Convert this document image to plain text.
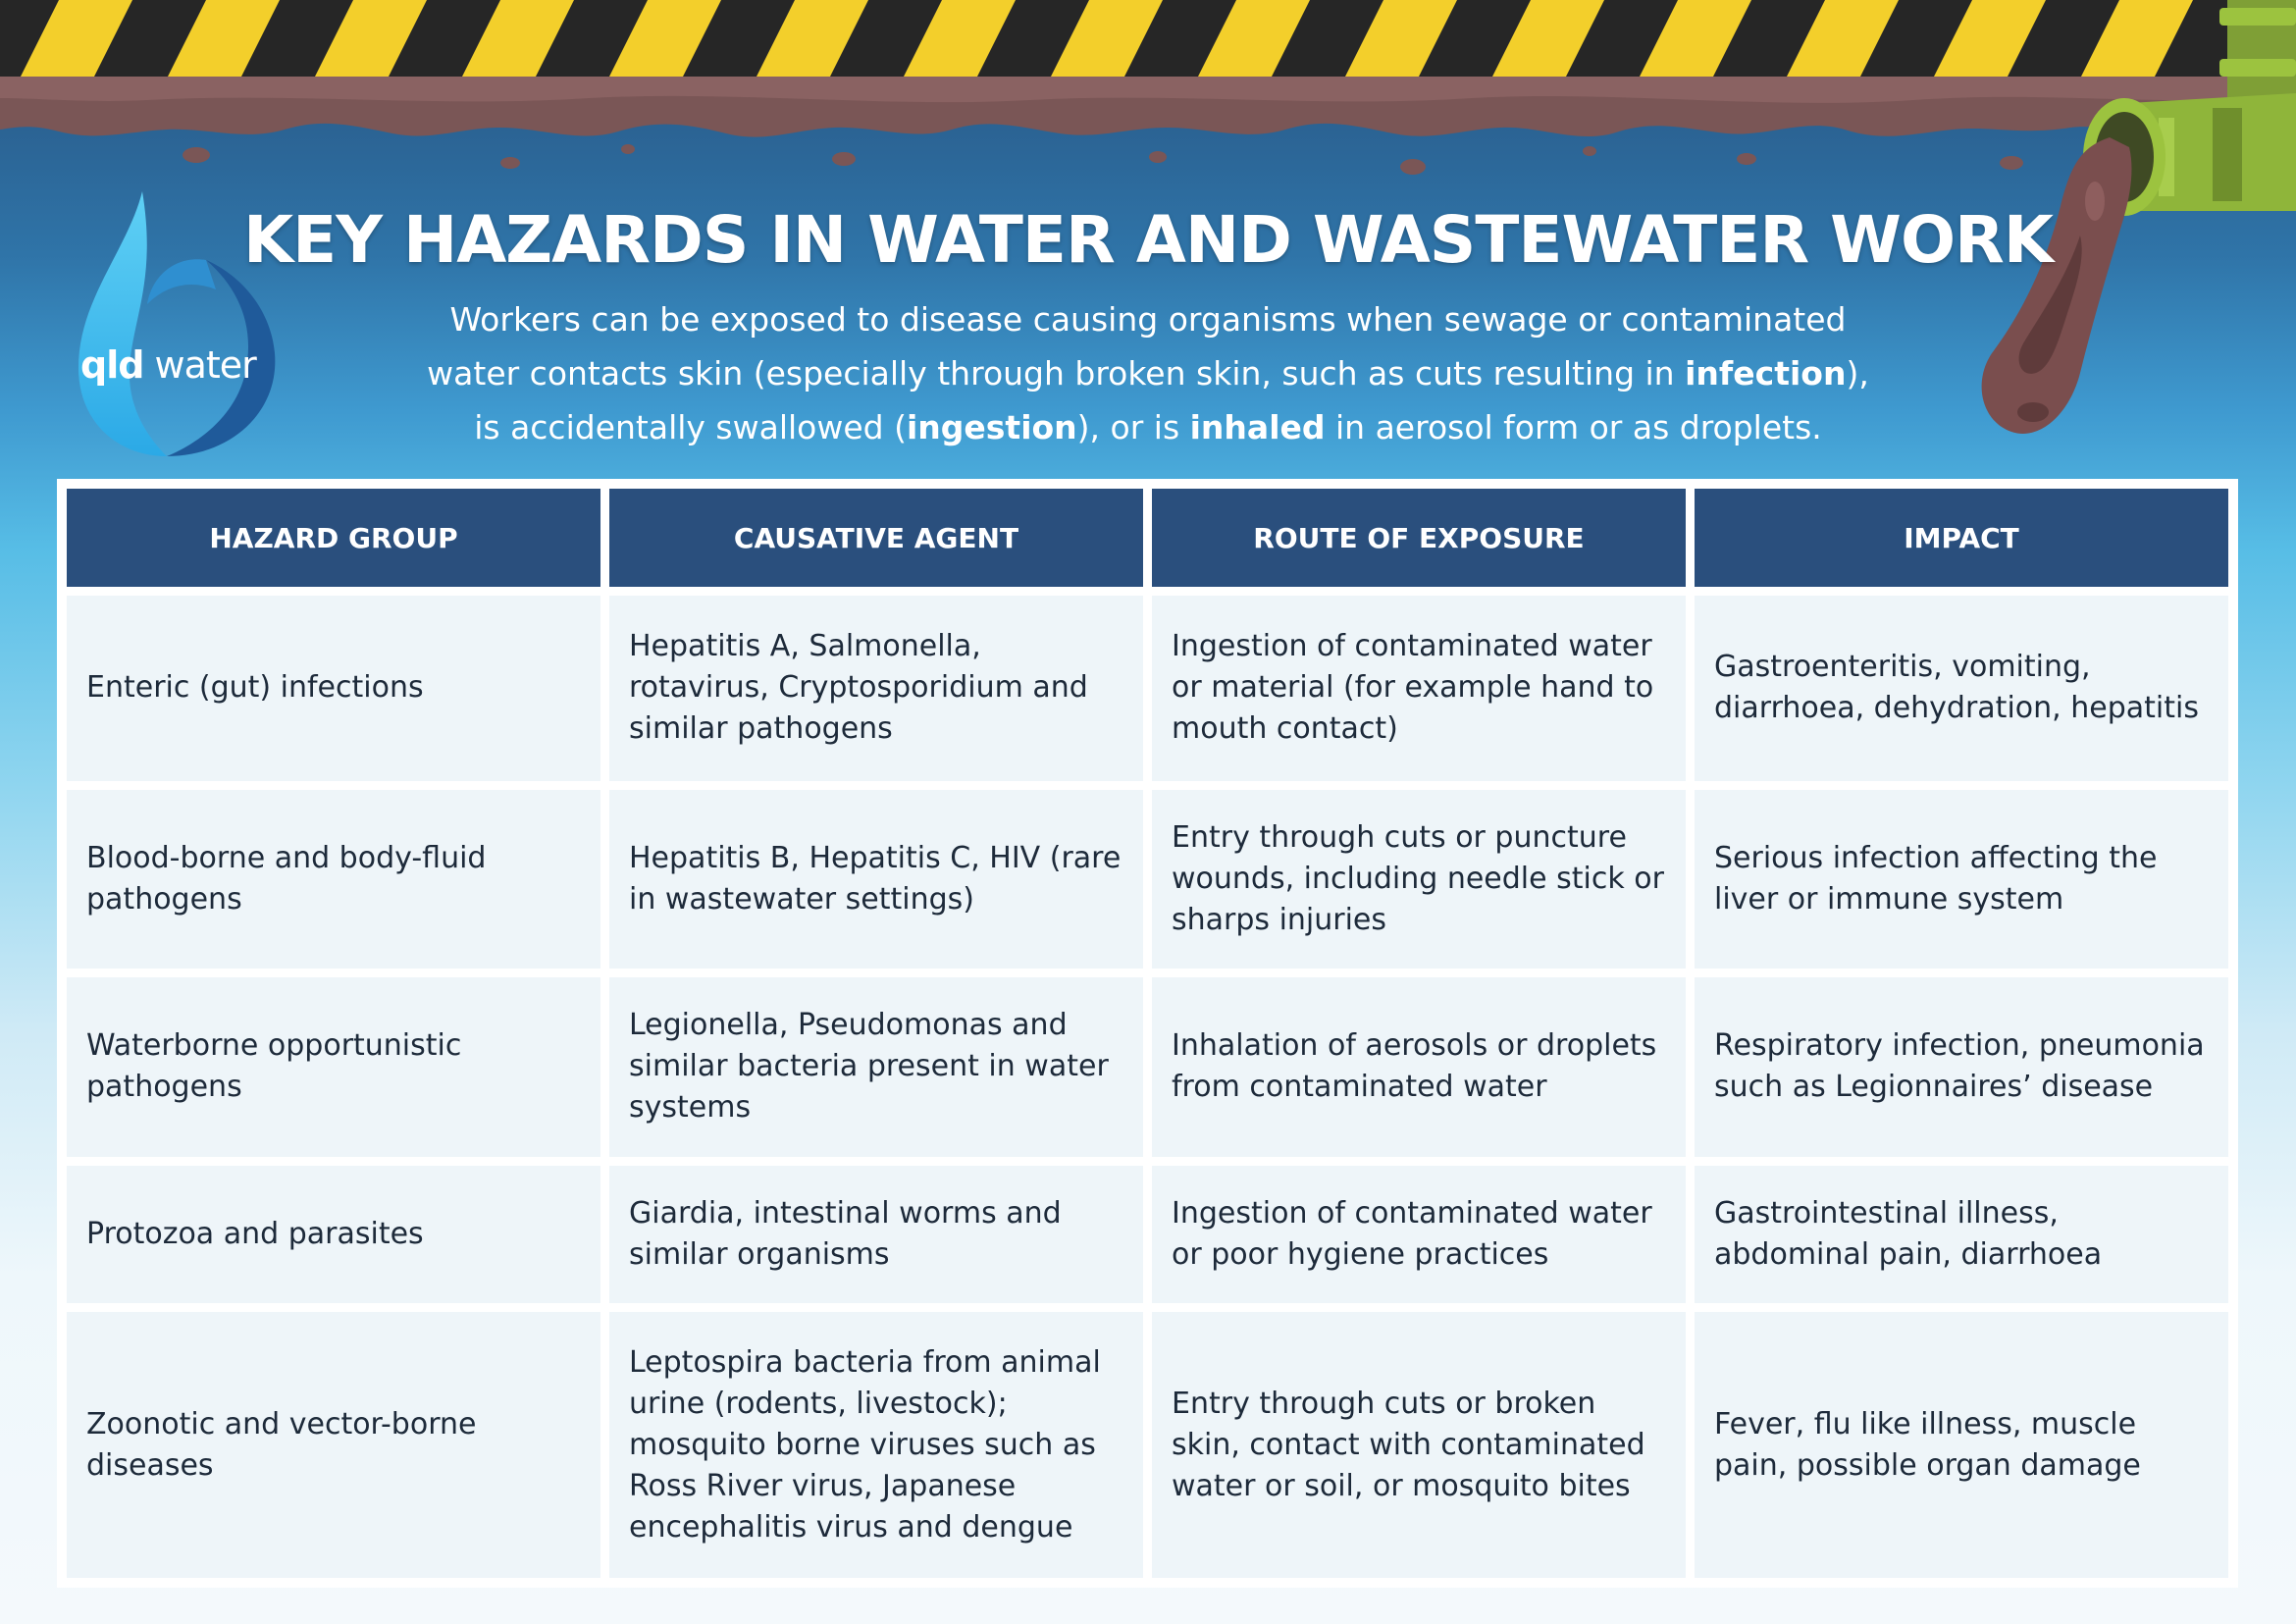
qld water
KEY HAZARDS IN WATER AND WASTEWATER WORK

Workers can be exposed to disease causing organisms when sewage or contaminated
water contacts skin (especially through broken skin, such as cuts resulting in infection),
is accidentally swallowed (ingestion), or is inhaled in aerosol form or as droplets.

HAZARD GROUP	CAUSATIVE AGENT	ROUTE OF EXPOSURE	IMPACT
Enteric (gut) infections	Hepatitis A, Salmonella, rotavirus, Cryptosporidium and similar pathogens	Ingestion of contaminated water or material (for example hand to mouth contact)	Gastroenteritis, vomiting, diarrhoea, dehydration, hepatitis
Blood-borne and body-fluid pathogens	Hepatitis B, Hepatitis C, HIV (rare in wastewater settings)	Entry through cuts or puncture wounds, including needle stick or sharps injuries	Serious infection affecting the liver or immune system
Waterborne opportunistic pathogens	Legionella, Pseudomonas and similar bacteria present in water systems	Inhalation of aerosols or droplets from contaminated water	Respiratory infection, pneumonia such as Legionnaires’ disease
Protozoa and parasites	Giardia, intestinal worms and similar organisms	Ingestion of contaminated water or poor hygiene practices	Gastrointestinal illness, abdominal pain, diarrhoea
Zoonotic and vector-borne diseases	Leptospira bacteria from animal urine (rodents, livestock); mosquito borne viruses such as Ross River virus, Japanese encephalitis virus and dengue	Entry through cuts or broken skin, contact with contaminated water or soil, or mosquito bites	Fever, flu like illness, muscle pain, possible organ damage
